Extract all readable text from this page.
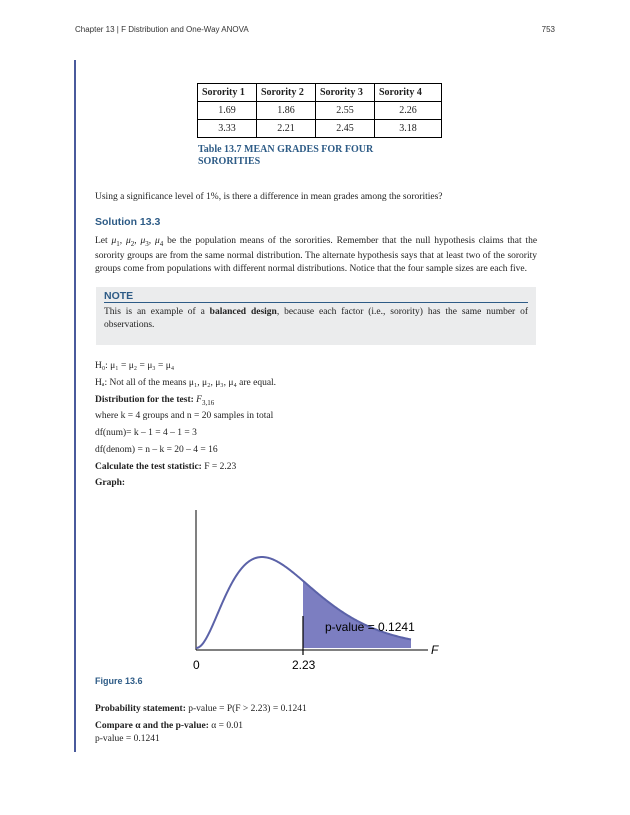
Chapter 13 | F Distribution and One-Way ANOVA	753
Sorority 1	Sorority 2	Sorority 3	Sorority 4
1.69	1.86	2.55	2.26
3.33	2.21	2.45	3.18
Table 13.7 MEAN GRADES FOR FOUR SORORITIES
Using a significance level of 1%, is there a difference in mean grades among the sororities?
Solution 13.3
Let $\mu_1$, $\mu_2$, $\mu_3$, $\mu_4$ be the population means of the sororities. Remember that the null hypothesis claims that the sorority groups are from the same normal distribution. The alternate hypothesis says that at least two of the sorority groups come from populations with different normal distributions. Notice that the four sample sizes are each five.
NOTE
This is an example of a balanced design, because each factor (i.e., sorority) has the same number of observations.
H₀: μ₁ = μ₂ = μ₃ = μ₄
Hₐ: Not all of the means μ₁, μ₂, μ₃, μ₄ are equal.
Distribution for the test: $F_{3,16}$
where k = 4 groups and n = 20 samples in total
df(num)= k – 1 = 4 – 1 = 3
df(denom) = n – k = 20 – 4 = 16
Calculate the test statistic: F = 2.23
Graph:
p-value = 0.1241
F
0	2.23
Figure 13.6
Probability statement: p-value = P(F > 2.23) = 0.1241
Compare α and the p-value: α = 0.01
p-value = 0.1241
